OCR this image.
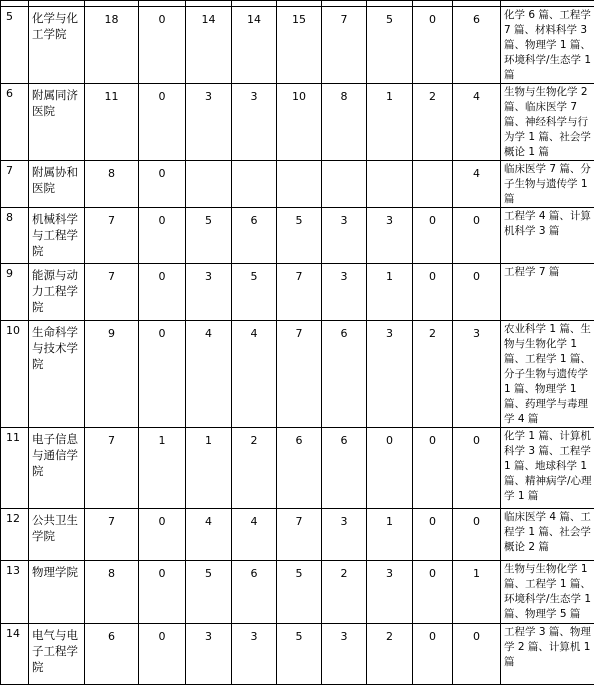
5	化学与化工学院	18	0	14	14	15	7	5	0	6	化学 6 篇、工程学 7 篇、材料科学 3 篇、物理学 1 篇、环境科学/生态学 1 篇
6	附属同济医院	11	0	3	3	10	8	1	2	4	生物与生物化学 2 篇、临床医学 7 篇、神经科学与行为学 1 篇、社会学概论 1 篇
7	附属协和医院	8	0							4	临床医学 7 篇、分子生物与遗传学 1 篇
8	机械科学与工程学院	7	0	5	6	5	3	3	0	0	工程学 4 篇、计算机科学 3 篇
9	能源与动力工程学院	7	0	3	5	7	3	1	0	0	工程学 7 篇
10	生命科学与技术学院	9	0	4	4	7	6	3	2	3	农业科学 1 篇、生物与生物化学 1 篇、工程学 1 篇、分子生物与遗传学 1 篇、物理学 1 篇、药理学与毒理学 4 篇
11	电子信息与通信学院	7	1	1	2	6	6	0	0	0	化学 1 篇、计算机科学 3 篇、工程学 1 篇、地球科学 1 篇、精神病学/心理学 1 篇
12	公共卫生学院	7	0	4	4	7	3	1	0	0	临床医学 4 篇、工程学 1 篇、社会学概论 2 篇
13	物理学院	8	0	5	6	5	2	3	0	1	生物与生物化学 1 篇、工程学 1 篇、环境科学/生态学 1 篇、物理学 5 篇
14	电气与电子工程学院	6	0	3	3	5	3	2	0	0	工程学 3 篇、物理学 2 篇、计算机 1 篇
